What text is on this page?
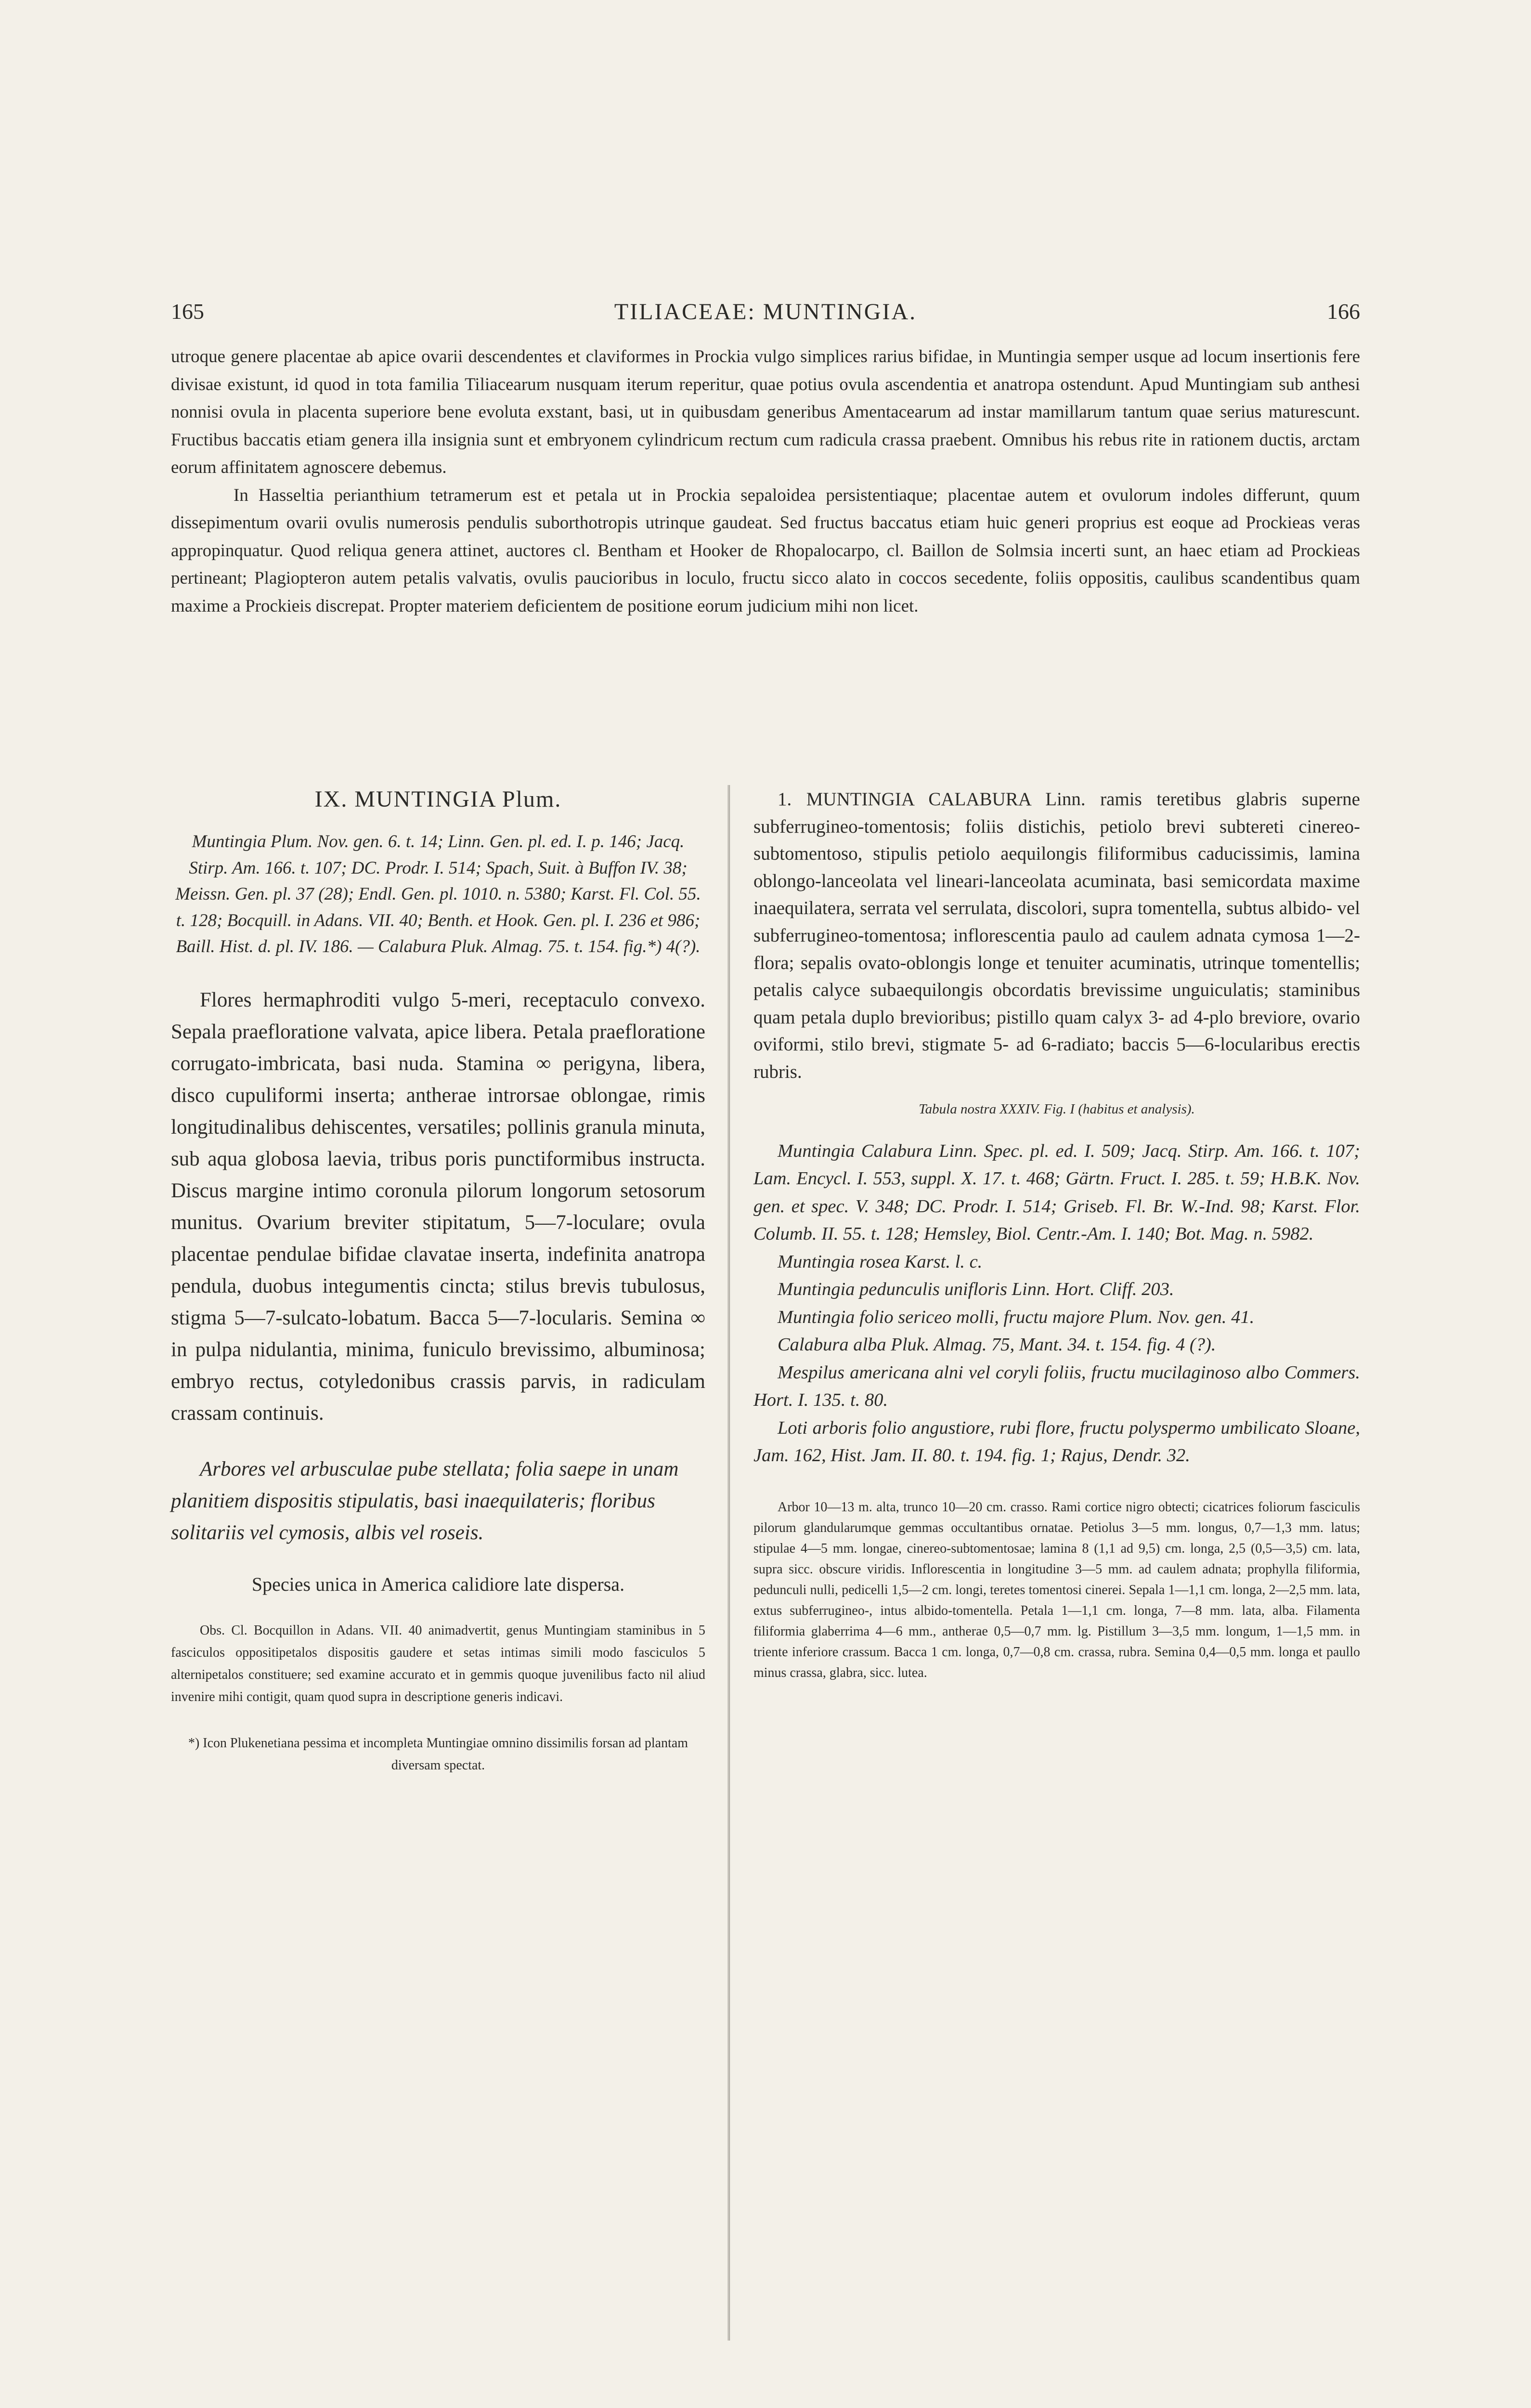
165	TILIACEAE: MUNTINGIA.	166

utroque genere placentae ab apice ovarii descendentes et claviformes in Prockia vulgo simplices rarius bifidae, in Muntingia semper usque ad locum insertionis fere divisae existunt, id quod in tota familia Tiliacearum nusquam iterum reperitur, quae potius ovula ascendentia et anatropa ostendunt. Apud Muntingiam sub anthesi nonnisi ovula in placenta superiore bene evoluta exstant, basi, ut in quibusdam generibus Amentacearum ad instar mamillarum tantum quae serius maturescunt. Fructibus baccatis etiam genera illa insignia sunt et embryonem cylindricum rectum cum radicula crassa praebent. Omnibus his rebus rite in rationem ductis, arctam eorum affinitatem agnoscere debemus.

In Hasseltia perianthium tetramerum est et petala ut in Prockia sepaloidea persistentiaque; placentae autem et ovulorum indoles differunt, quum dissepimentum ovarii ovulis numerosis pendulis suborthotropis utrinque gaudeat. Sed fructus baccatus etiam huic generi proprius est eoque ad Prockieas veras appropinquatur. Quod reliqua genera attinet, auctores cl. Bentham et Hooker de Rhopalocarpo, cl. Baillon de Solmsia incerti sunt, an haec etiam ad Prockieas pertineant; Plagiopteron autem petalis valvatis, ovulis paucioribus in loculo, fructu sicco alato in coccos secedente, foliis oppositis, caulibus scandentibus quam maxime a Prockieis discrepat. Propter materiem deficientem de positione eorum judicium mihi non licet.

IX. MUNTINGIA Plum.

Muntingia Plum. Nov. gen. 6. t. 14; Linn. Gen. pl. ed. I. p. 146; Jacq. Stirp. Am. 166. t. 107; DC. Prodr. I. 514; Spach, Suit. à Buffon IV. 38; Meissn. Gen. pl. 37 (28); Endl. Gen. pl. 1010. n. 5380; Karst. Fl. Col. 55. t. 128; Bocquill. in Adans. VII. 40; Benth. et Hook. Gen. pl. I. 236 et 986; Baill. Hist. d. pl. IV. 186. — Calabura Pluk. Almag. 75. t. 154. fig.*) 4(?).

Flores hermaphroditi vulgo 5-meri, receptaculo convexo. Sepala praefloratione valvata, apice libera. Petala praefloratione corrugato-imbricata, basi nuda. Stamina ∞ perigyna, libera, disco cupuliformi inserta; antherae introrsae oblongae, rimis longitudinalibus dehiscentes, versatiles; pollinis granula minuta, sub aqua globosa laevia, tribus poris punctiformibus instructa. Discus margine intimo coronula pilorum longorum setosorum munitus. Ovarium breviter stipitatum, 5—7-loculare; ovula placentae pendulae bifidae clavatae inserta, indefinita anatropa pendula, duobus integumentis cincta; stilus brevis tubulosus, stigma 5—7-sulcato-lobatum. Bacca 5—7-locularis. Semina ∞ in pulpa nidulantia, minima, funiculo brevissimo, albuminosa; embryo rectus, cotyledonibus crassis parvis, in radiculam crassam continuis.

Arbores vel arbusculae pube stellata; folia saepe in unam planitiem dispositis stipulatis, basi inaequilateris; floribus solitariis vel cymosis, albis vel roseis.

Species unica in America calidiore late dispersa.

Obs. Cl. Bocquillon in Adans. VII. 40 animadvertit, genus Muntingiam staminibus in 5 fasciculos oppositipetalos dispositis gaudere et setas intimas simili modo fasciculos 5 alternipetalos constituere; sed examine accurato et in gemmis quoque juvenilibus facto nil aliud invenire mihi contigit, quam quod supra in descriptione generis indicavi.

*) Icon Plukenetiana pessima et incompleta Muntingiae omnino dissimilis forsan ad plantam diversam spectat.

1. MUNTINGIA CALABURA Linn. ramis teretibus glabris superne subferrugineo-tomentosis; foliis distichis, petiolo brevi subtereti cinereo-subtomentoso, stipulis petiolo aequilongis filiformibus caducissimis, lamina oblongo-lanceolata vel lineari-lanceolata acuminata, basi semicordata maxime inaequilatera, serrata vel serrulata, discolori, supra tomentella, subtus albido- vel subferrugineo-tomentosa; inflorescentia paulo ad caulem adnata cymosa 1—2-flora; sepalis ovato-oblongis longe et tenuiter acuminatis, utrinque tomentellis; petalis calyce subaequilongis obcordatis brevissime unguiculatis; staminibus quam petala duplo brevioribus; pistillo quam calyx 3- ad 4-plo breviore, ovario oviformi, stilo brevi, stigmate 5- ad 6-radiato; baccis 5—6-locularibus erectis rubris.

Tabula nostra XXXIV. Fig. I (habitus et analysis).

Muntingia Calabura Linn. Spec. pl. ed. I. 509; Jacq. Stirp. Am. 166. t. 107; Lam. Encycl. I. 553, suppl. X. 17. t. 468; Gärtn. Fruct. I. 285. t. 59; H.B.K. Nov. gen. et spec. V. 348; DC. Prodr. I. 514; Griseb. Fl. Br. W.-Ind. 98; Karst. Flor. Columb. II. 55. t. 128; Hemsley, Biol. Centr.-Am. I. 140; Bot. Mag. n. 5982.

Muntingia rosea Karst. l. c.

Muntingia pedunculis unifloris Linn. Hort. Cliff. 203.

Muntingia folio sericeo molli, fructu majore Plum. Nov. gen. 41.

Calabura alba Pluk. Almag. 75, Mant. 34. t. 154. fig. 4 (?).

Mespilus americana alni vel coryli foliis, fructu mucilaginoso albo Commers. Hort. I. 135. t. 80.

Loti arboris folio angustiore, rubi flore, fructu polyspermo umbilicato Sloane, Jam. 162, Hist. Jam. II. 80. t. 194. fig. 1; Rajus, Dendr. 32.

Arbor 10—13 m. alta, trunco 10—20 cm. crasso. Rami cortice nigro obtecti; cicatrices foliorum fasciculis pilorum glandularumque gemmas occultantibus ornatae. Petiolus 3—5 mm. longus, 0,7—1,3 mm. latus; stipulae 4—5 mm. longae, cinereo-subtomentosae; lamina 8 (1,1 ad 9,5) cm. longa, 2,5 (0,5—3,5) cm. lata, supra sicc. obscure viridis. Inflorescentia in longitudine 3—5 mm. ad caulem adnata; prophylla filiformia, pedunculi nulli, pedicelli 1,5—2 cm. longi, teretes tomentosi cinerei. Sepala 1—1,1 cm. longa, 2—2,5 mm. lata, extus subferrugineo-, intus albido-tomentella. Petala 1—1,1 cm. longa, 7—8 mm. lata, alba. Filamenta filiformia glaberrima 4—6 mm., antherae 0,5—0,7 mm. lg. Pistillum 3—3,5 mm. longum, 1—1,5 mm. in triente inferiore crassum. Bacca 1 cm. longa, 0,7—0,8 cm. crassa, rubra. Semina 0,4—0,5 mm. longa et paullo minus crassa, glabra, sicc. lutea.
